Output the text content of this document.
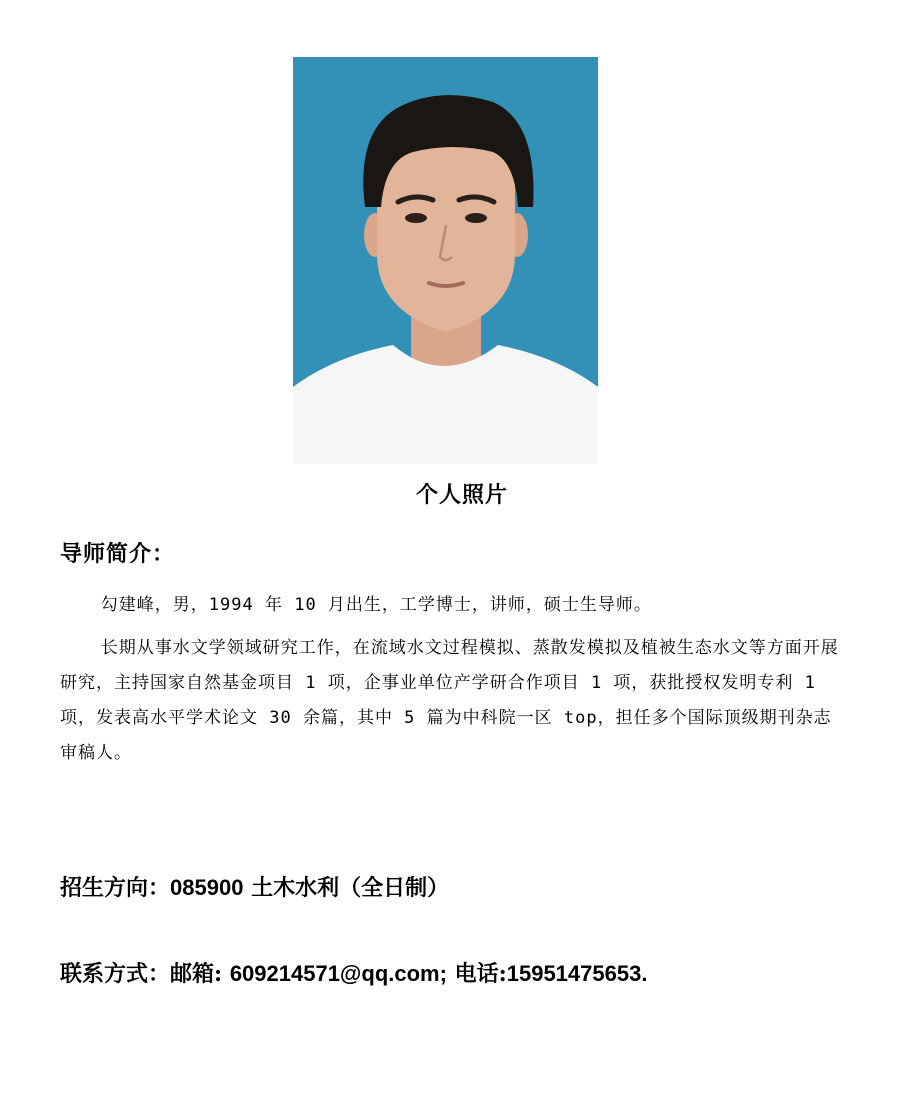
个人照片
导师简介：

勾建峰，男，1994 年 10 月出生，工学博士，讲师，硕士生导师。

长期从事水文学领域研究工作，在流域水文过程模拟、蒸散发模拟及植被生态水文等方面开展研究，主持国家自然基金项目 1 项，企事业单位产学研合作项目 1 项，获批授权发明专利 1 项，发表高水平学术论文 30 余篇，其中 5 篇为中科院一区 top，担任多个国际顶级期刊杂志审稿人。

招生方向：085900 土木水利（全日制）
联系方式：邮箱: 609214571@qq.com; 电话:15951475653.
